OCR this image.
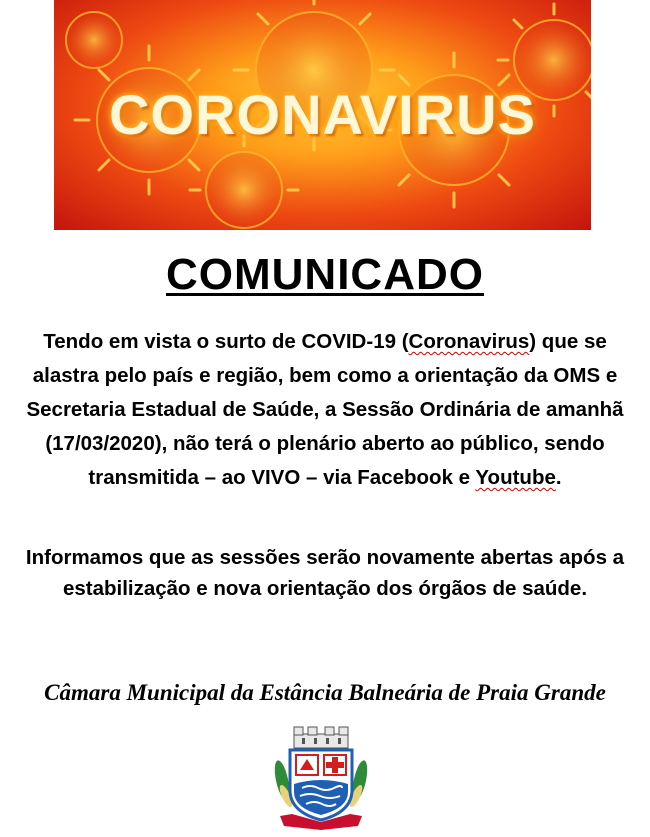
CORONAVIRUS
COMUNICADO
Tendo em vista o surto de COVID-19 (Coronavirus) que se alastra pelo país e região, bem como a orientação da OMS e Secretaria Estadual de Saúde, a Sessão Ordinária de amanhã (17/03/2020), não terá o plenário aberto ao público, sendo transmitida – ao VIVO – via Facebook e Youtube.
Informamos que as sessões serão novamente abertas após a estabilização e nova orientação dos órgãos de saúde.
Câmara Municipal da Estância Balneária de Praia Grande
